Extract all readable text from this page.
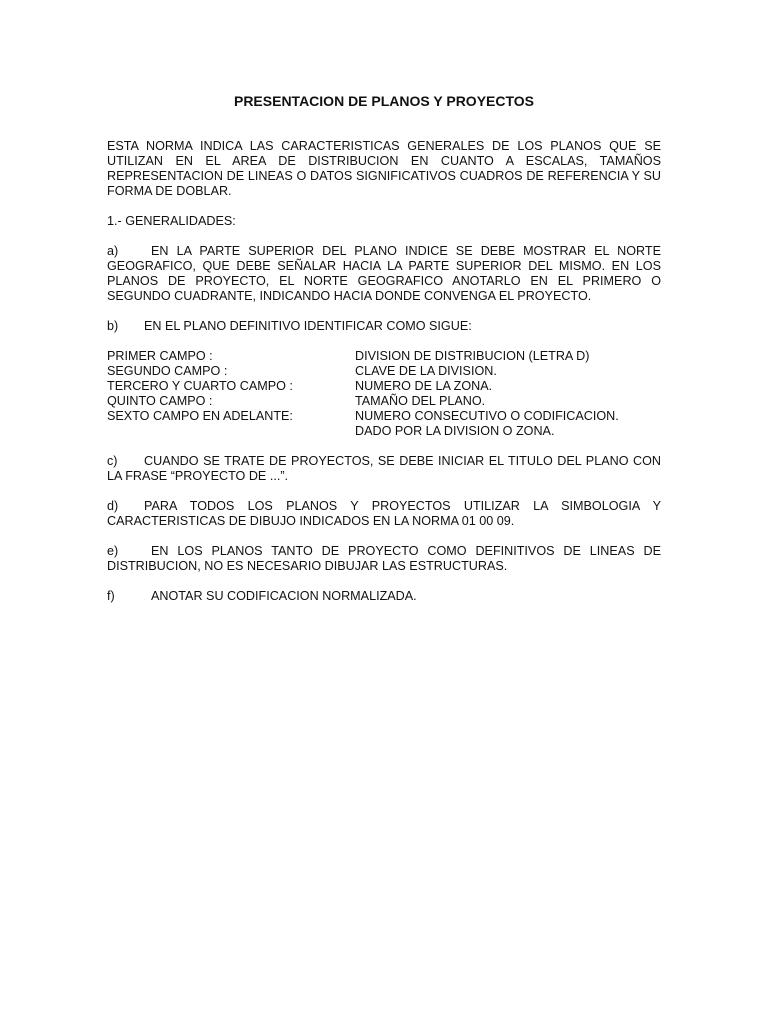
PRESENTACION DE PLANOS Y PROYECTOS

ESTA NORMA INDICA LAS CARACTERISTICAS GENERALES DE LOS PLANOS QUE SE UTILIZAN EN EL AREA DE DISTRIBUCION EN CUANTO A ESCALAS, TAMAÑOS REPRESENTACION DE LINEAS O DATOS SIGNIFICATIVOS CUADROS DE REFERENCIA Y SU FORMA DE DOBLAR.

1.- GENERALIDADES:

a)	EN LA PARTE SUPERIOR DEL PLANO INDICE SE DEBE MOSTRAR EL NORTE GEOGRAFICO, QUE DEBE SEÑALAR HACIA LA PARTE SUPERIOR DEL MISMO. EN LOS PLANOS DE PROYECTO, EL NORTE GEOGRAFICO ANOTARLO EN EL PRIMERO O SEGUNDO CUADRANTE, INDICANDO HACIA DONDE CONVENGA EL PROYECTO.

b) EN EL PLANO DEFINITIVO IDENTIFICAR COMO SIGUE:

PRIMER CAMPO :	DIVISION DE DISTRIBUCION (LETRA D)
SEGUNDO CAMPO :	CLAVE DE LA DIVISION.
TERCERO Y CUARTO CAMPO :	NUMERO DE LA ZONA.
QUINTO CAMPO :	TAMAÑO DEL PLANO.
SEXTO CAMPO EN ADELANTE:	NUMERO CONSECUTIVO O CODIFICACION.
DADO POR LA DIVISION O ZONA.

c) CUANDO SE TRATE DE PROYECTOS, SE DEBE INICIAR EL TITULO DEL PLANO CON LA FRASE “PROYECTO DE ...”.

d) PARA TODOS LOS PLANOS Y PROYECTOS UTILIZAR LA SIMBOLOGIA Y CARACTERISTICAS DE DIBUJO INDICADOS EN LA NORMA 01 00 09.

e)	EN LOS PLANOS TANTO DE PROYECTO COMO DEFINITIVOS DE LINEAS DE DISTRIBUCION, NO ES NECESARIO DIBUJAR LAS ESTRUCTURAS.

f)	ANOTAR SU CODIFICACION NORMALIZADA.
